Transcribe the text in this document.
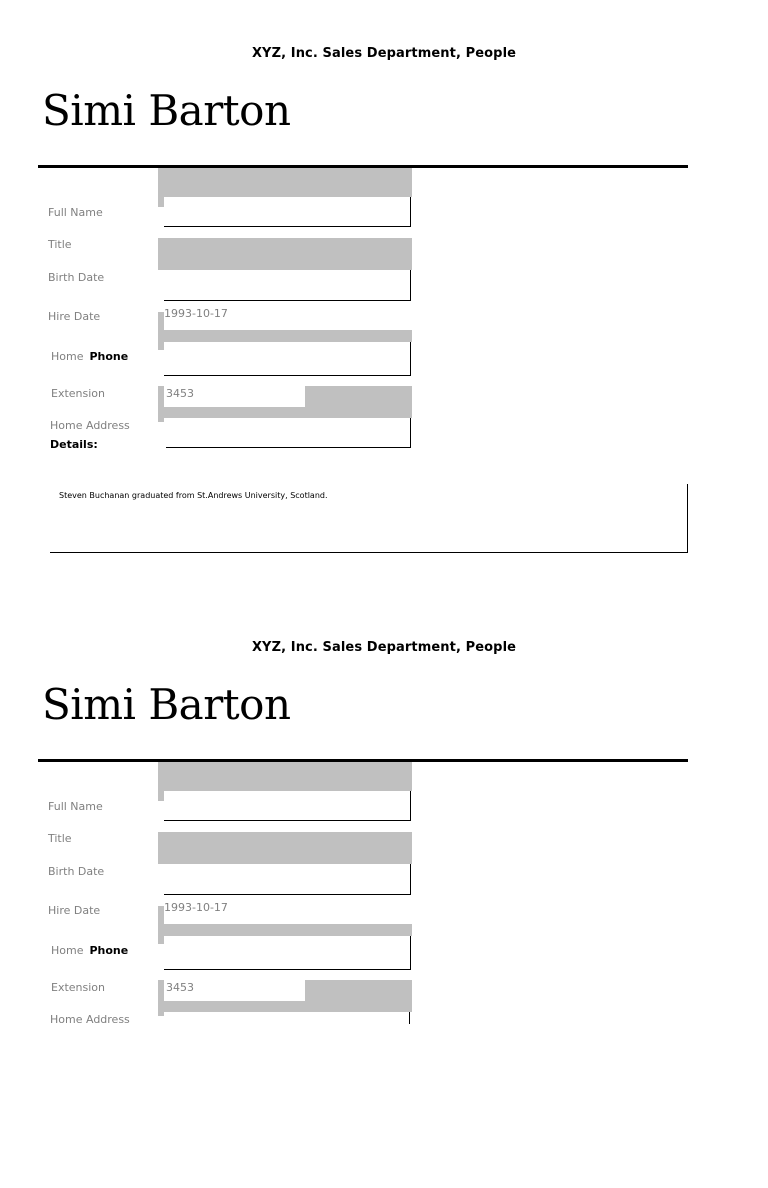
XYZ, Inc. Sales Department, People
Simi Barton
Full Name
Title
Birth Date
Hire Date
Home Phone
Extension
Home Address
Details:
1993-10-17
3453
Steven Buchanan graduated from St.Andrews University, Scotland.
XYZ, Inc. Sales Department, People
Simi Barton
Full Name
Title
Birth Date
Hire Date
Home Phone
Extension
Home Address
1993-10-17
3453
